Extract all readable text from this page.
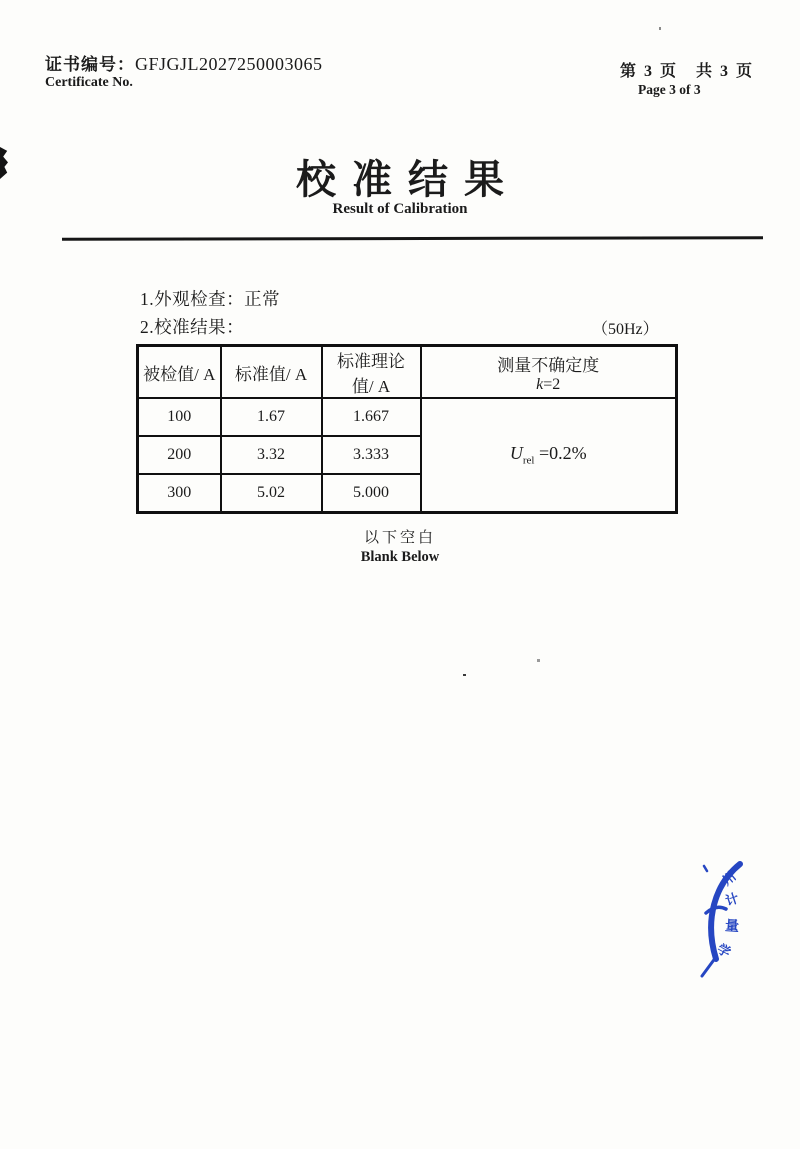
证书编号：GFJGJL2027250003065
Certificate No.
第 3 页　共 3 页
Page 3 of 3
校准结果
Result of Calibration
1.外观检查：正常
2.校准结果：	（50Hz）
被检值/ A	标准值/ A	标准理论值/ A	测量不确定度
k=2

100	1.67	1.667	$U_{rel} =0.2\%$
200	3.32	3.333	
300	5.02	5.000	
以下空白
Blank Below
州
计
量
学
